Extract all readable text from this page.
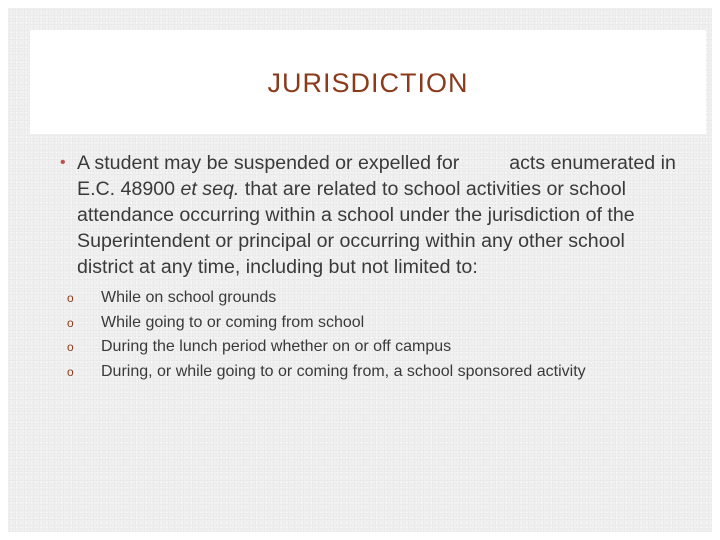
JURISDICTION
• A student may be suspended or expelled for  acts enumerated in E.C. 48900 et seq. that are related to school activities or school attendance occurring within a school under the jurisdiction of the Superintendent or principal or occurring within any other school district at any time, including but not limited to:
o While on school grounds
o While going to or coming from school
o During the lunch period whether on or off campus
o During, or while going to or coming from, a school sponsored activity
